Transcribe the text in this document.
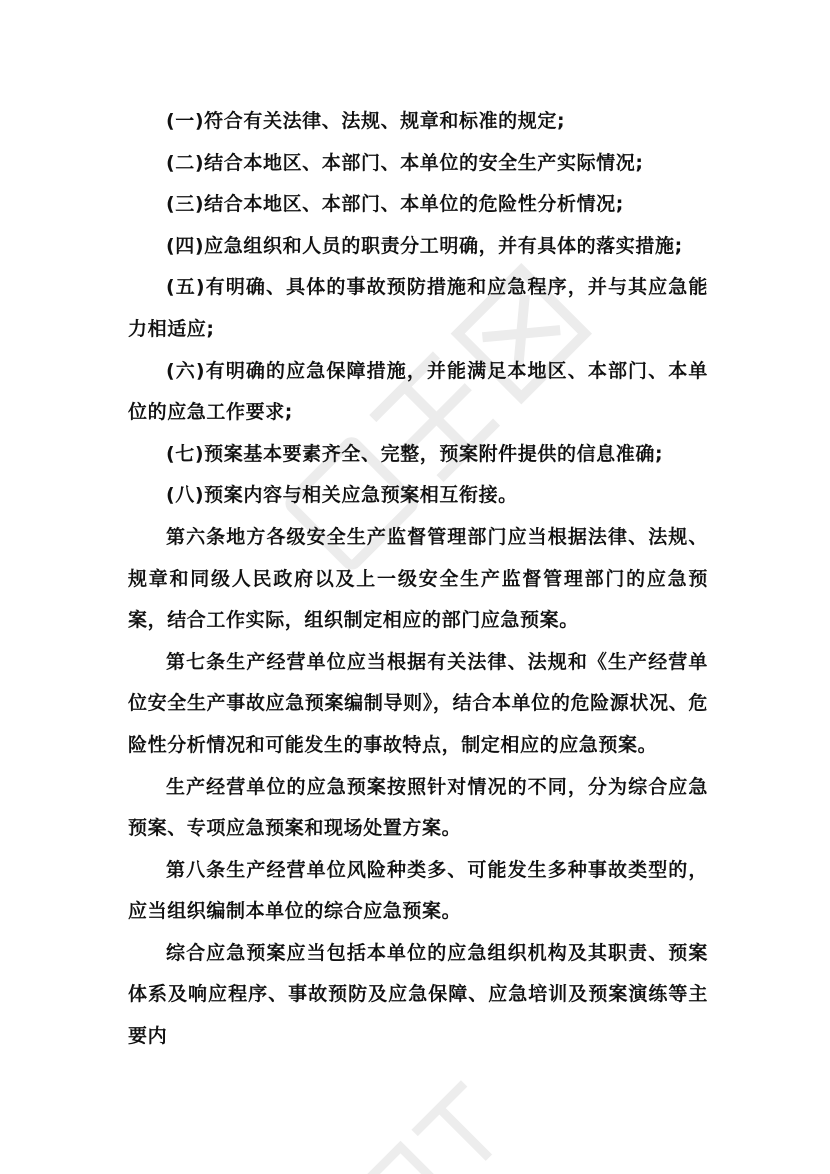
(一)符合有关法律、法规、规章和标准的规定;

(二)结合本地区、本部门、本单位的安全生产实际情况;

(三)结合本地区、本部门、本单位的危险性分析情况;

(四)应急组织和人员的职责分工明确，并有具体的落实措施;

(五)有明确、具体的事故预防措施和应急程序，并与其应急能力相适应;

(六)有明确的应急保障措施，并能满足本地区、本部门、本单位的应急工作要求;

(七)预案基本要素齐全、完整，预案附件提供的信息准确;

(八)预案内容与相关应急预案相互衔接。

第六条地方各级安全生产监督管理部门应当根据法律、法规、规章和同级人民政府以及上一级安全生产监督管理部门的应急预案，结合工作实际，组织制定相应的部门应急预案。

第七条生产经营单位应当根据有关法律、法规和《生产经营单位安全生产事故应急预案编制导则》，结合本单位的危险源状况、危险性分析情况和可能发生的事故特点，制定相应的应急预案。

生产经营单位的应急预案按照针对情况的不同，分为综合应急预案、专项应急预案和现场处置方案。

第八条生产经营单位风险种类多、可能发生多种事故类型的，应当组织编制本单位的综合应急预案。

综合应急预案应当包括本单位的应急组织机构及其职责、预案体系及响应程序、事故预防及应急保障、应急培训及预案演练等主要内
